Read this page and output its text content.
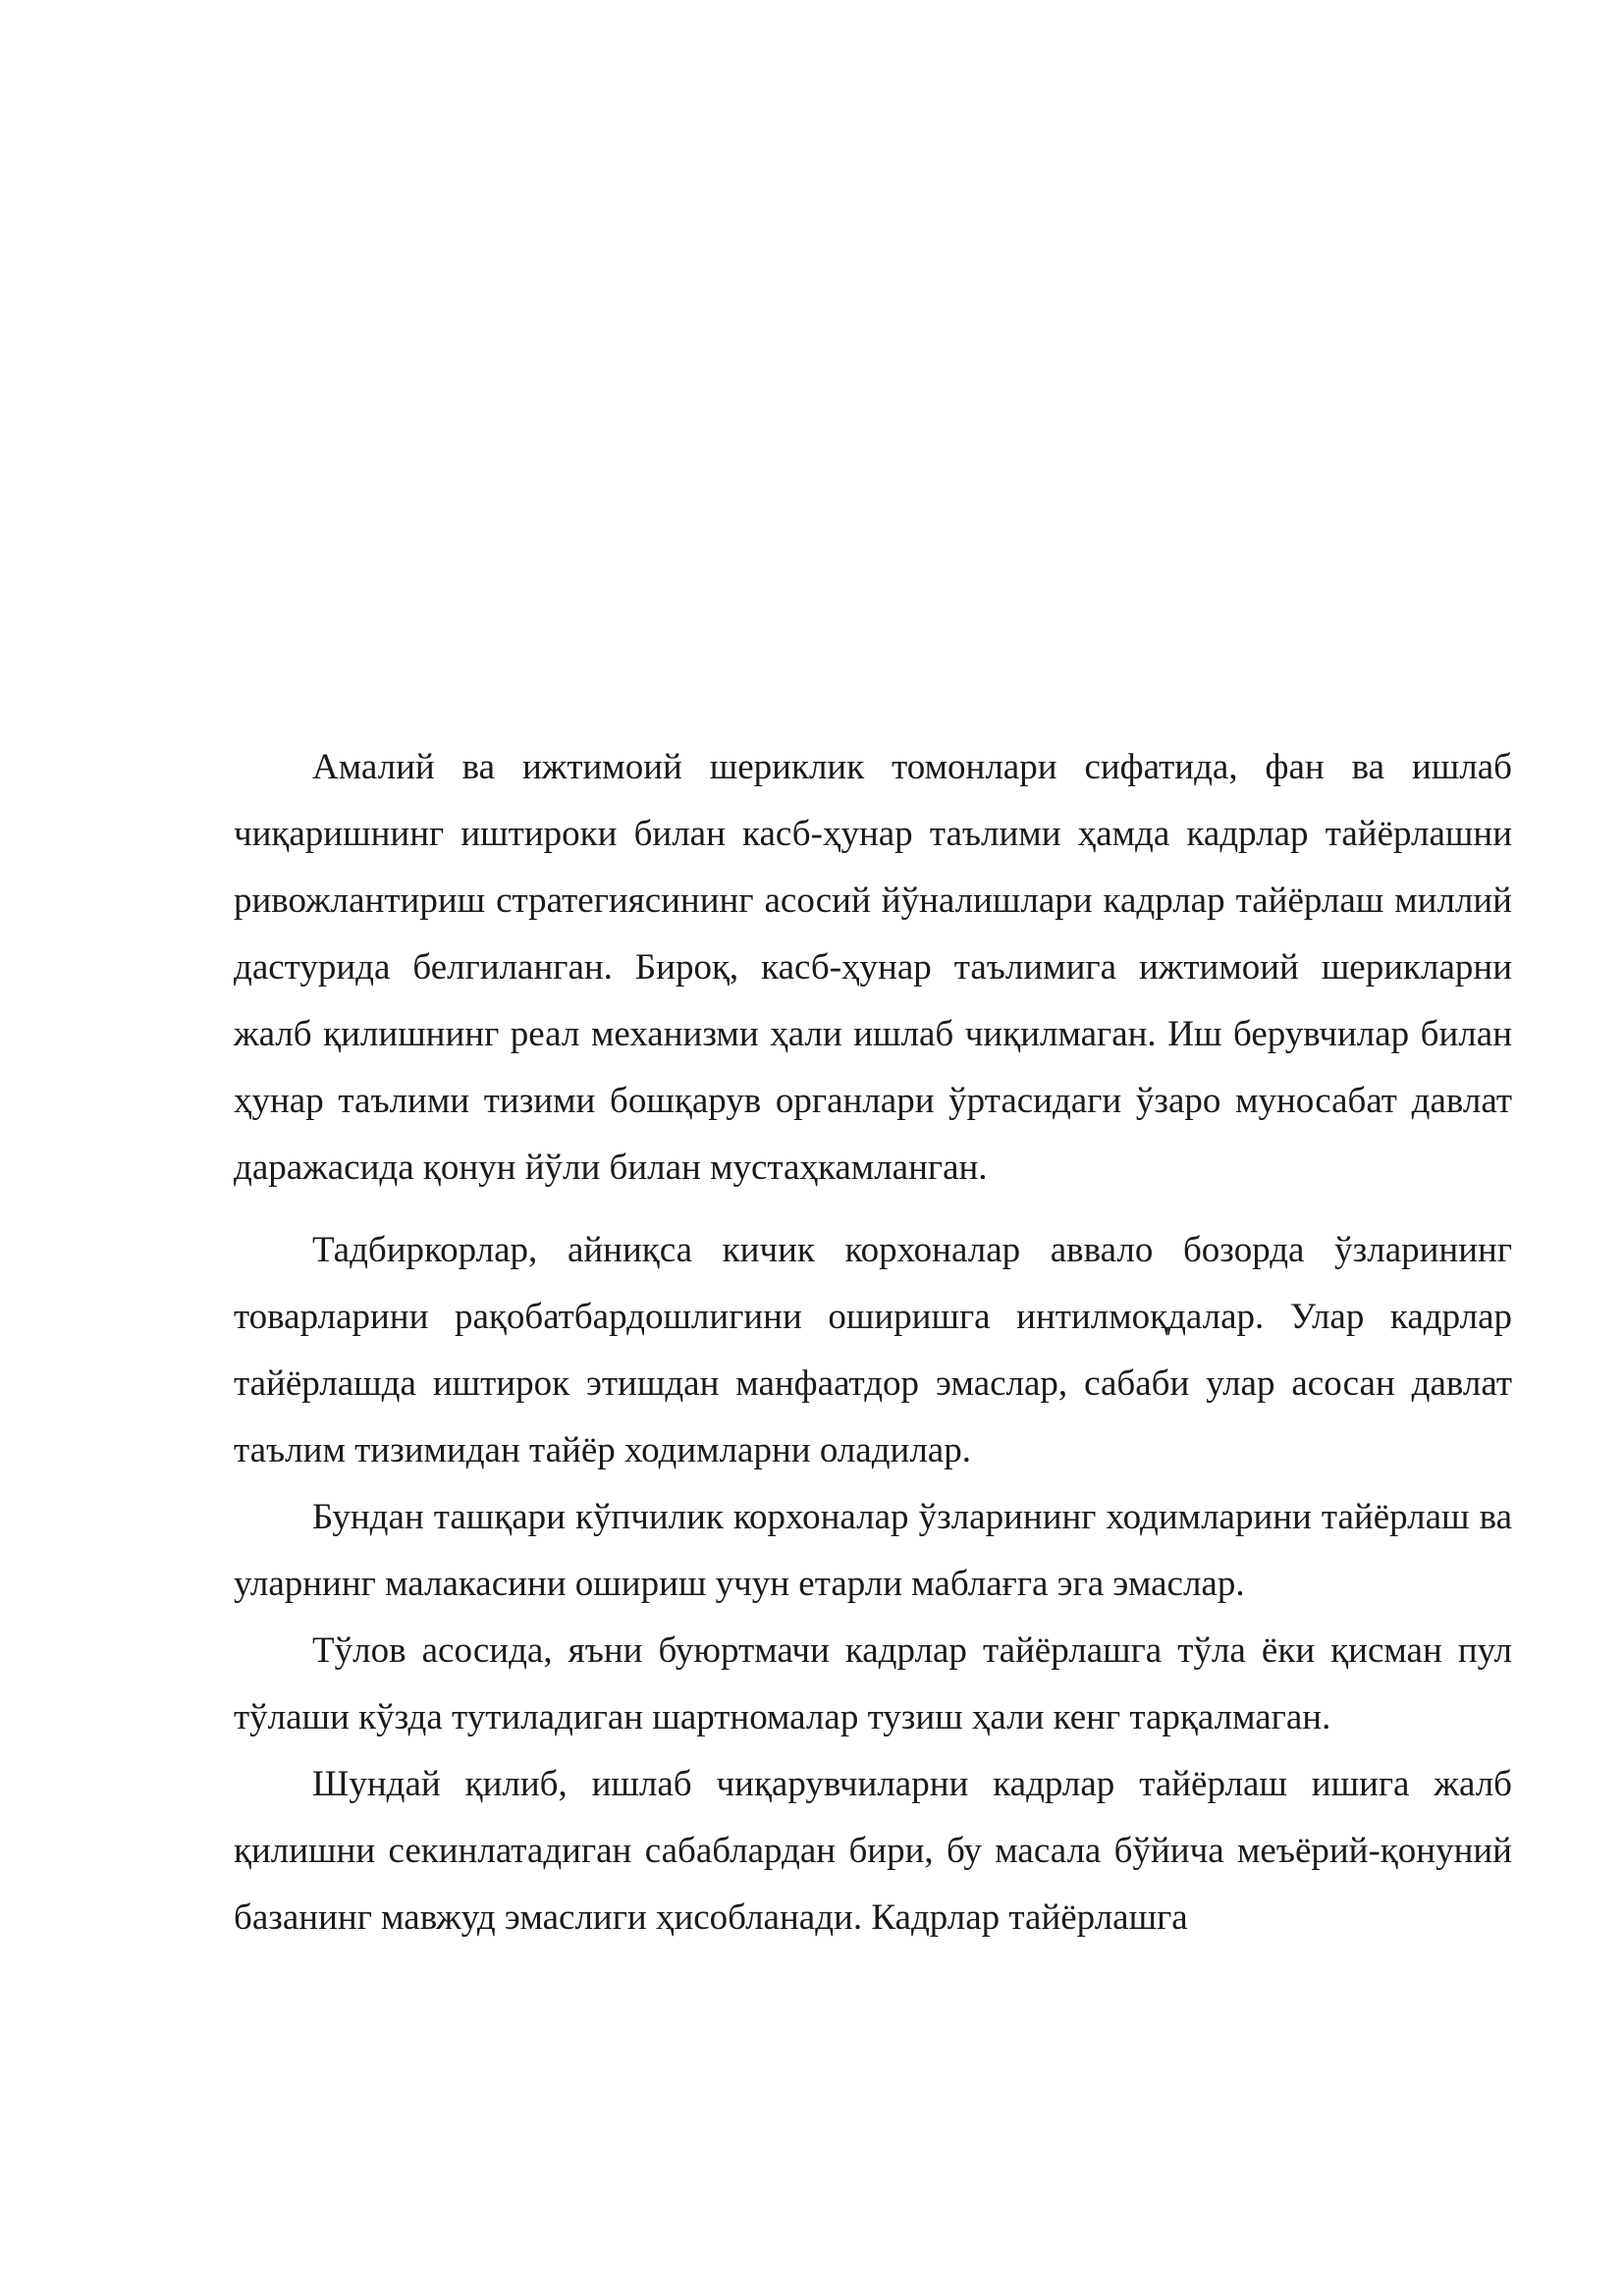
Амалий ва ижтимоий шериклик томонлари сифатида, фан ва ишлаб чиқаришнинг иштироки билан касб-ҳунар таълими ҳамда кадрлар тайёрлашни ривожлантириш стратегиясининг асосий йўналишлари кадрлар тайёрлаш миллий дастурида белгиланган. Бироқ, касб-ҳунар таълимига ижтимоий шерикларни жалб қилишнинг реал механизми ҳали ишлаб чиқилмаган. Иш берувчилар билан ҳунар таълими тизими бошқарув органлари ўртасидаги ўзаро муносабат давлат даражасида қонун йўли билан мустаҳкамланган.

Тадбиркорлар, айниқса кичик корхоналар аввало бозорда ўзларининг товарларини рақобатбардошлигини оширишга интилмоқдалар. Улар кадрлар тайёрлашда иштирок этишдан манфаатдор эмаслар, сабаби улар асосан давлат таълим тизимидан тайёр ходимларни оладилар.

Бундан ташқари кўпчилик корхоналар ўзларининг ходимларини тайёрлаш ва уларнинг малакасини ошириш учун етарли маблағга эга эмаслар.

Тўлов асосида, яъни буюртмачи кадрлар тайёрлашга тўла ёки қисман пул тўлаши кўзда тутиладиган шартномалар тузиш ҳали кенг тарқалмаган.

Шундай қилиб, ишлаб чиқарувчиларни кадрлар тайёрлаш ишига жалб қилишни секинлатадиган сабаблардан бири, бу масала бўйича меъёрий-қонуний базанинг мавжуд эмаслиги ҳисобланади. Кадрлар тайёрлашга
